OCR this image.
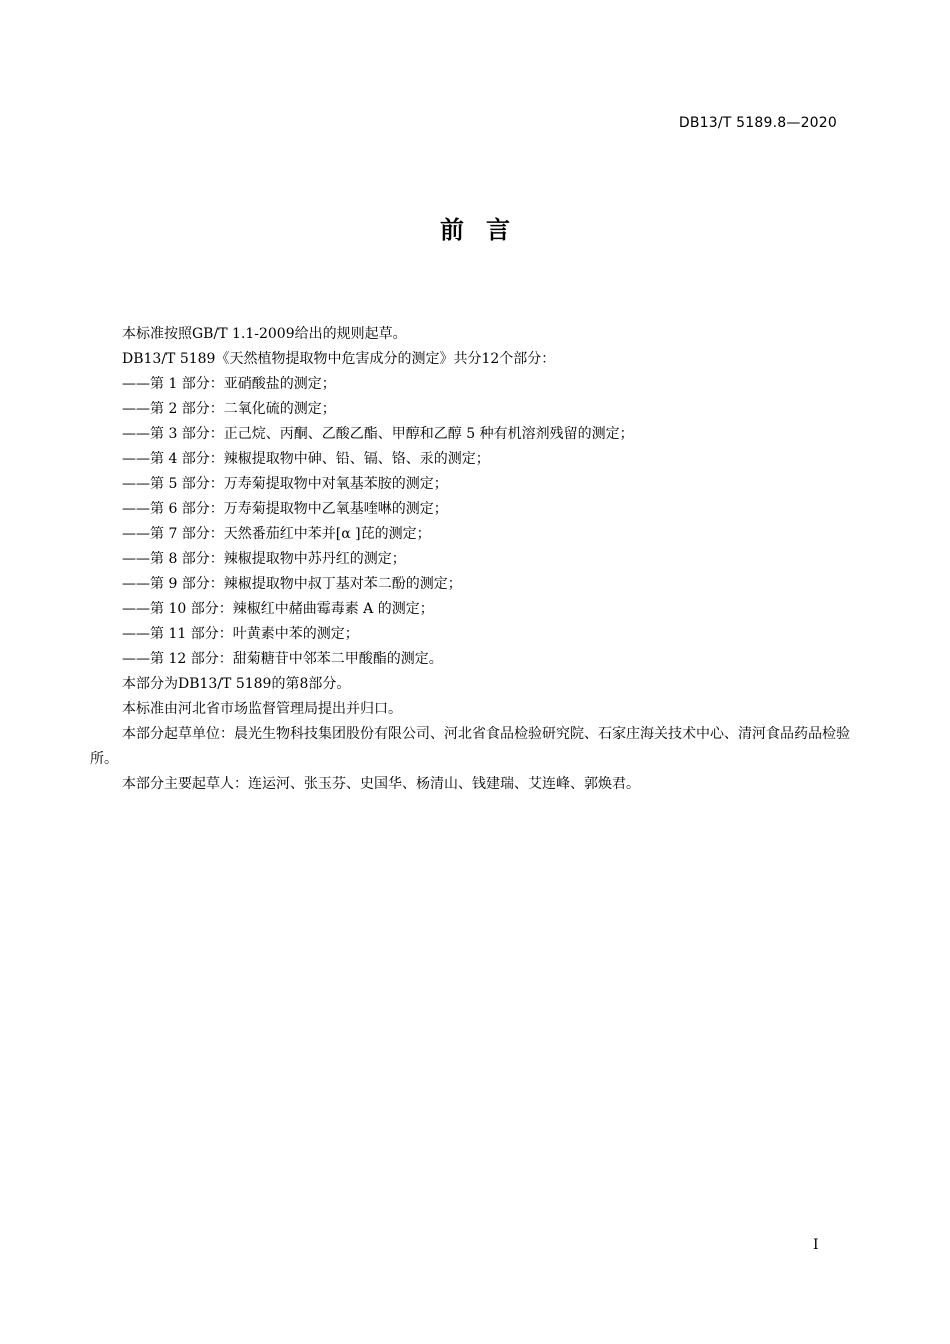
DB13/T 5189.8—2020
前言
本标准按照GB/T 1.1-2009给出的规则起草。
DB13/T 5189《天然植物提取物中危害成分的测定》共分12个部分：
——第 1 部分：亚硝酸盐的测定；
——第 2 部分：二氧化硫的测定；
——第 3 部分：正己烷、丙酮、乙酸乙酯、甲醇和乙醇 5 种有机溶剂残留的测定；
——第 4 部分：辣椒提取物中砷、铅、镉、铬、汞的测定；
——第 5 部分：万寿菊提取物中对氧基苯胺的测定；
——第 6 部分：万寿菊提取物中乙氧基喹啉的测定；
——第 7 部分：天然番茄红中苯并[α ]芘的测定；
——第 8 部分：辣椒提取物中苏丹红的测定；
——第 9 部分：辣椒提取物中叔丁基对苯二酚的测定；
——第 10 部分：辣椒红中赭曲霉毒素 A 的测定；
——第 11 部分：叶黄素中苯的测定；
——第 12 部分：甜菊糖苷中邻苯二甲酸酯的测定。
本部分为DB13/T 5189的第8部分。
本标准由河北省市场监督管理局提出并归口。
本部分起草单位：晨光生物科技集团股份有限公司、河北省食品检验研究院、石家庄海关技术中心、清河食品药品检验所。
本部分主要起草人：连运河、张玉芬、史国华、杨清山、钱建瑞、艾连峰、郭焕君。
I
